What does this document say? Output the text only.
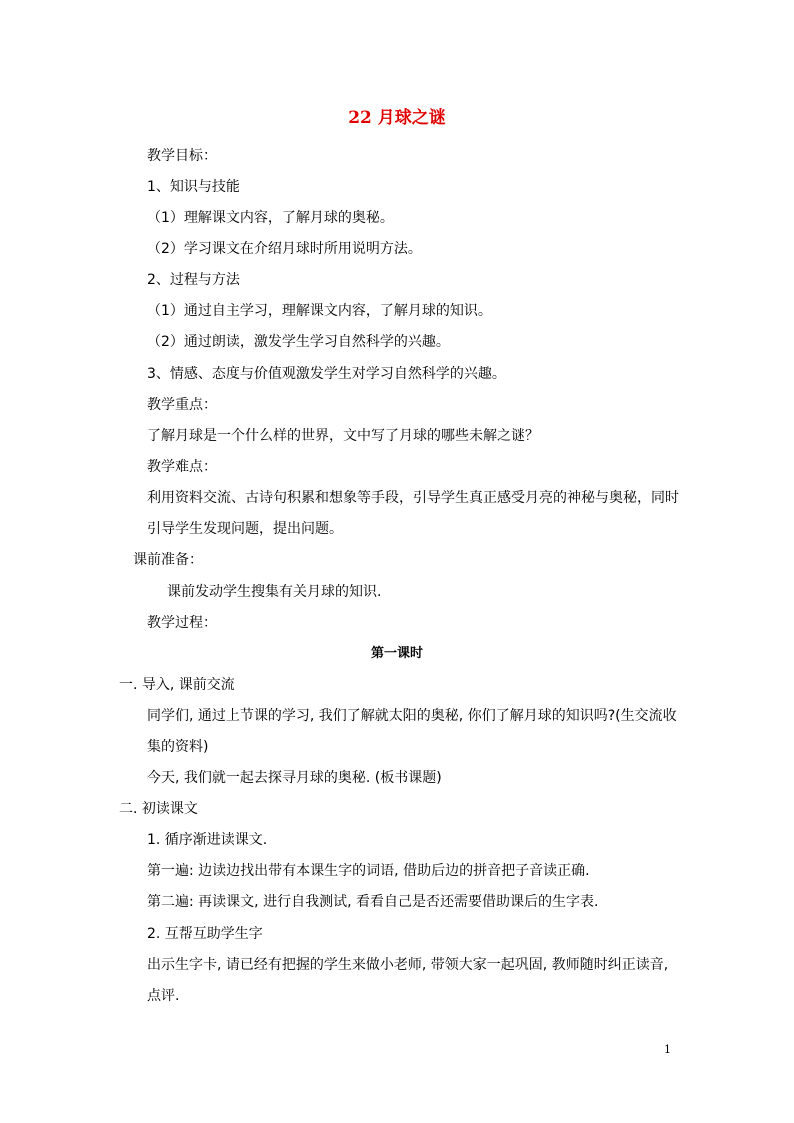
22 月球之谜
教学目标：
1、知识与技能
（1）理解课文内容，了解月球的奥秘。
（2）学习课文在介绍月球时所用说明方法。
2、过程与方法
（1）通过自主学习，理解课文内容，了解月球的知识。
（2）通过朗读，激发学生学习自然科学的兴趣。
3、情感、态度与价值观激发学生对学习自然科学的兴趣。
教学重点：
了解月球是一个什么样的世界，文中写了月球的哪些未解之谜？
教学难点：
利用资料交流、古诗句积累和想象等手段，引导学生真正感受月亮的神秘与奥秘，同时
引导学生发现问题，提出问题。
课前准备：
课前发动学生搜集有关月球的知识.
教学过程：
第一课时
一. 导入, 课前交流
同学们, 通过上节课的学习, 我们了解就太阳的奥秘, 你们了解月球的知识吗?(生交流收
集的资料)
今天, 我们就一起去探寻月球的奥秘. (板书课题)
二. 初读课文
1. 循序渐进读课文.
第一遍: 边读边找出带有本课生字的词语, 借助后边的拼音把子音读正确.
第二遍: 再读课文, 进行自我测试, 看看自己是否还需要借助课后的生字表.
2. 互帮互助学生字
出示生字卡, 请已经有把握的学生来做小老师, 带领大家一起巩固, 教师随时纠正读音,
点评.
1
